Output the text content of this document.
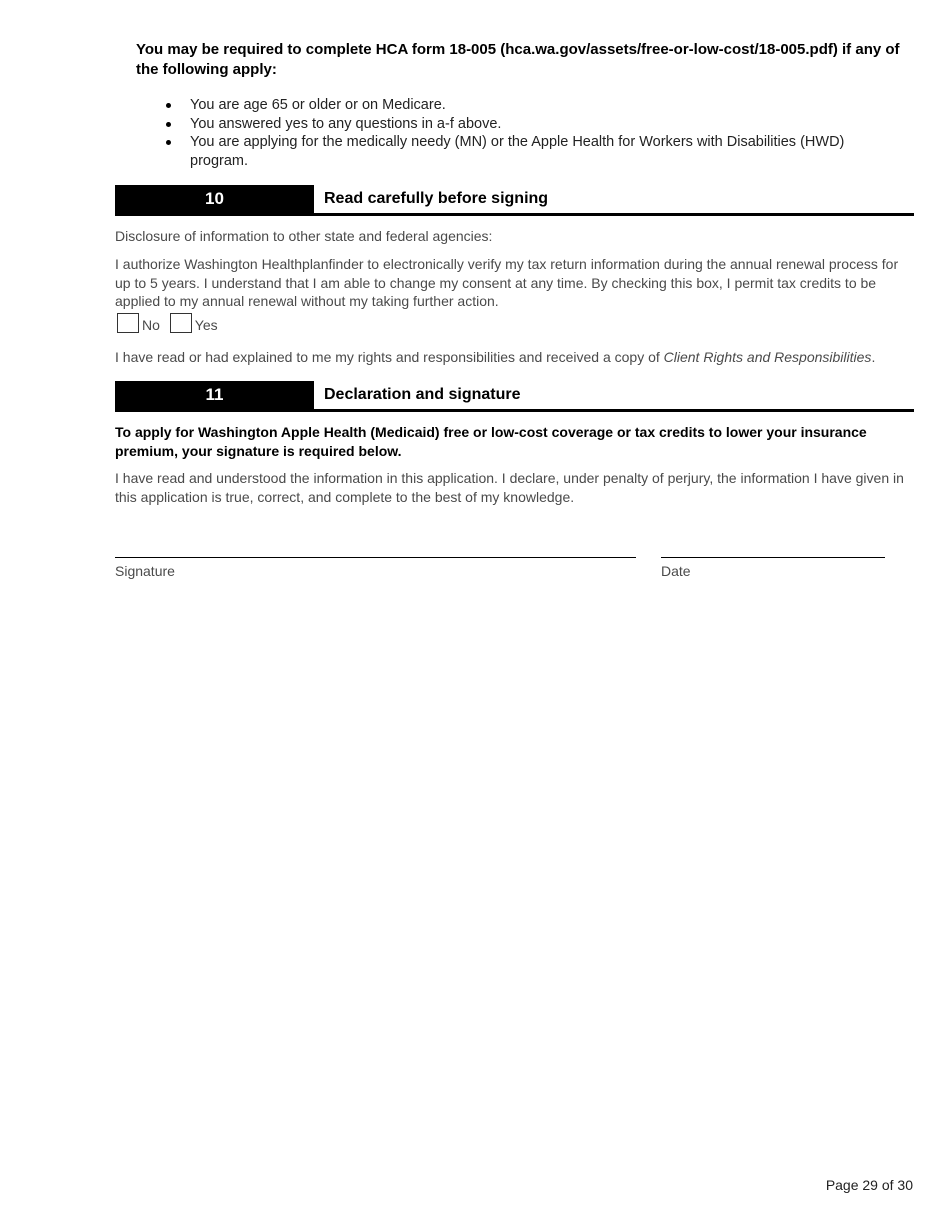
You may be required to complete HCA form 18-005 (hca.wa.gov/assets/free-or-low-cost/18-005.pdf) if any of the following apply:

You are age 65 or older or on Medicare.
You answered yes to any questions in a-f above.
You are applying for the medically needy (MN) or the Apple Health for Workers with Disabilities (HWD) program.
10	Read carefully before signing

Disclosure of information to other state and federal agencies:

I authorize Washington Healthplanfinder to electronically verify my tax return information during the annual renewal process for up to 5 years. I understand that I am able to change my consent at any time. By checking this box, I permit tax credits to be applied to my annual renewal without my taking further action.

No Yes

I have read or had explained to me my rights and responsibilities and received a copy of Client Rights and Responsibilities.

11	Declaration and signature

To apply for Washington Apple Health (Medicaid) free or low-cost coverage or tax credits to lower your insurance premium, your signature is required below.

I have read and understood the information in this application. I declare, under penalty of perjury, the information I have given in this application is true, correct, and complete to the best of my knowledge.

Signature	Date
Page 29 of 30
